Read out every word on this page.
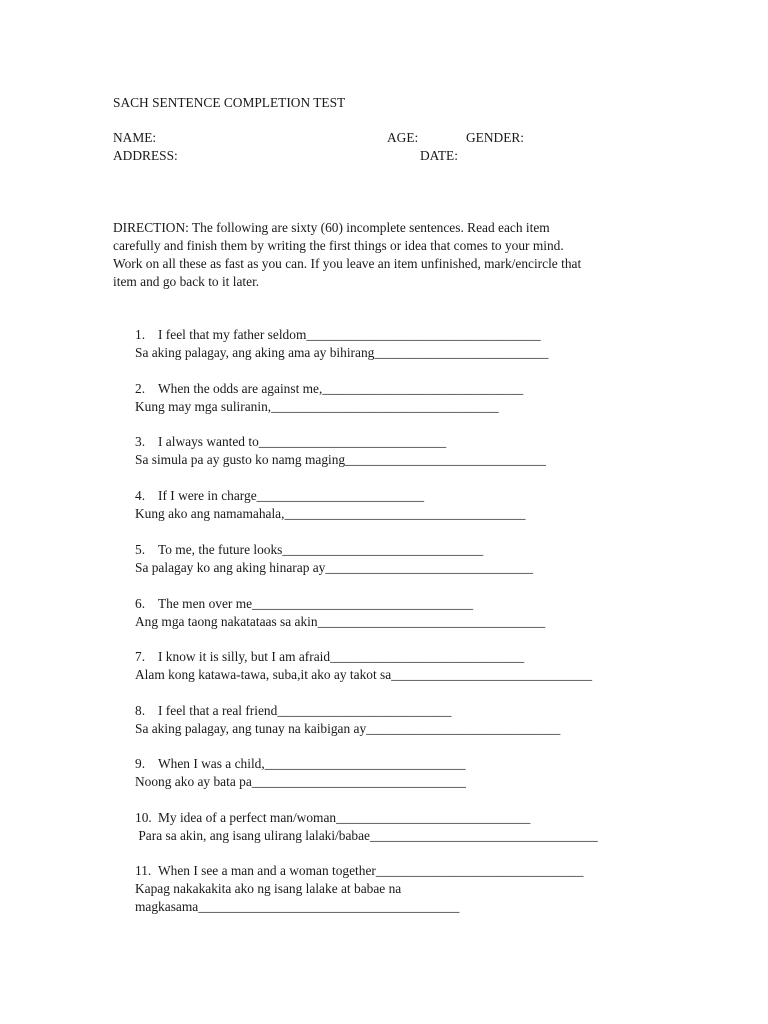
SACH SENTENCE COMPLETION TEST
NAME:	AGE:	GENDER:
ADDRESS:	DATE:
DIRECTION: The following are sixty (60) incomplete sentences. Read each item
carefully and finish them by writing the first things or idea that comes to your mind.
Work on all these as fast as you can. If you leave an item unfinished, mark/encircle that
item and go back to it later.
1. I feel that my father seldom___________________________________
Sa aking palagay, ang aking ama ay bihirang__________________________
2. When the odds are against me,______________________________
Kung may mga suliranin,__________________________________
3. I always wanted to____________________________
Sa simula pa ay gusto ko namg maging______________________________
4. If I were in charge_________________________
Kung ako ang namamahala,____________________________________
5. To me, the future looks______________________________
Sa palagay ko ang aking hinarap ay_______________________________
6. The men over me_________________________________
Ang mga taong nakatataas sa akin__________________________________
7. I know it is silly, but I am afraid_____________________________
Alam kong katawa-tawa, suba,it ako ay takot sa______________________________
8. I feel that a real friend__________________________
Sa aking palagay, ang tunay na kaibigan ay_____________________________
9. When I was a child,______________________________
Noong ako ay bata pa________________________________
10. My idea of a perfect man/woman_____________________________
Para sa akin, ang isang ulirang lalaki/babae__________________________________
11. When I see a man and a woman together_______________________________
Kapag nakakakita ako ng isang lalake at babae na
magkasama_______________________________________
